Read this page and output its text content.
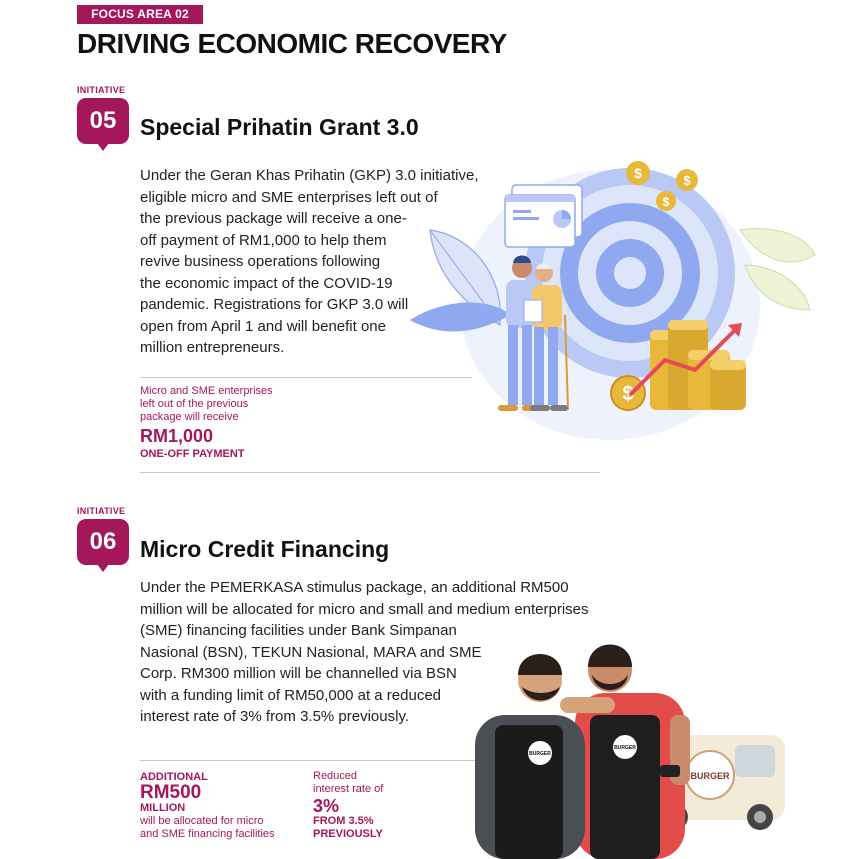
FOCUS AREA 02
DRIVING ECONOMIC RECOVERY
INITIATIVE
05	Special Prihatin Grant 3.0
Under the Geran Khas Prihatin (GKP) 3.0 initiative,
eligible micro and SME enterprises left out of
the previous package will receive a one-
off payment of RM1,000 to help them
revive business operations following
the economic impact of the COVID-19
pandemic. Registrations for GKP 3.0 will
open from April 1 and will benefit one
million entrepreneurs.
Micro and SME enterprises
left out of the previous
package will receive
RM1,000
ONE-OFF PAYMENT
$	$
$
$
INITIATIVE
06	Micro Credit Financing
Under the PEMERKASA stimulus package, an additional RM500
million will be allocated for micro and small and medium enterprises
(SME) financing facilities under Bank Simpanan
Nasional (BSN), TEKUN Nasional, MARA and SME
Corp. RM300 million will be channelled via BSN
with a funding limit of RM50,000 at a reduced
interest rate of 3% from 3.5% previously.
ADDITIONAL
RM500
MILLION
will be allocated for micro
and SME financing facilities
Reduced
interest rate of
3%
FROM 3.5%
PREVIOUSLY
BURGER
BURGER
BURGER
